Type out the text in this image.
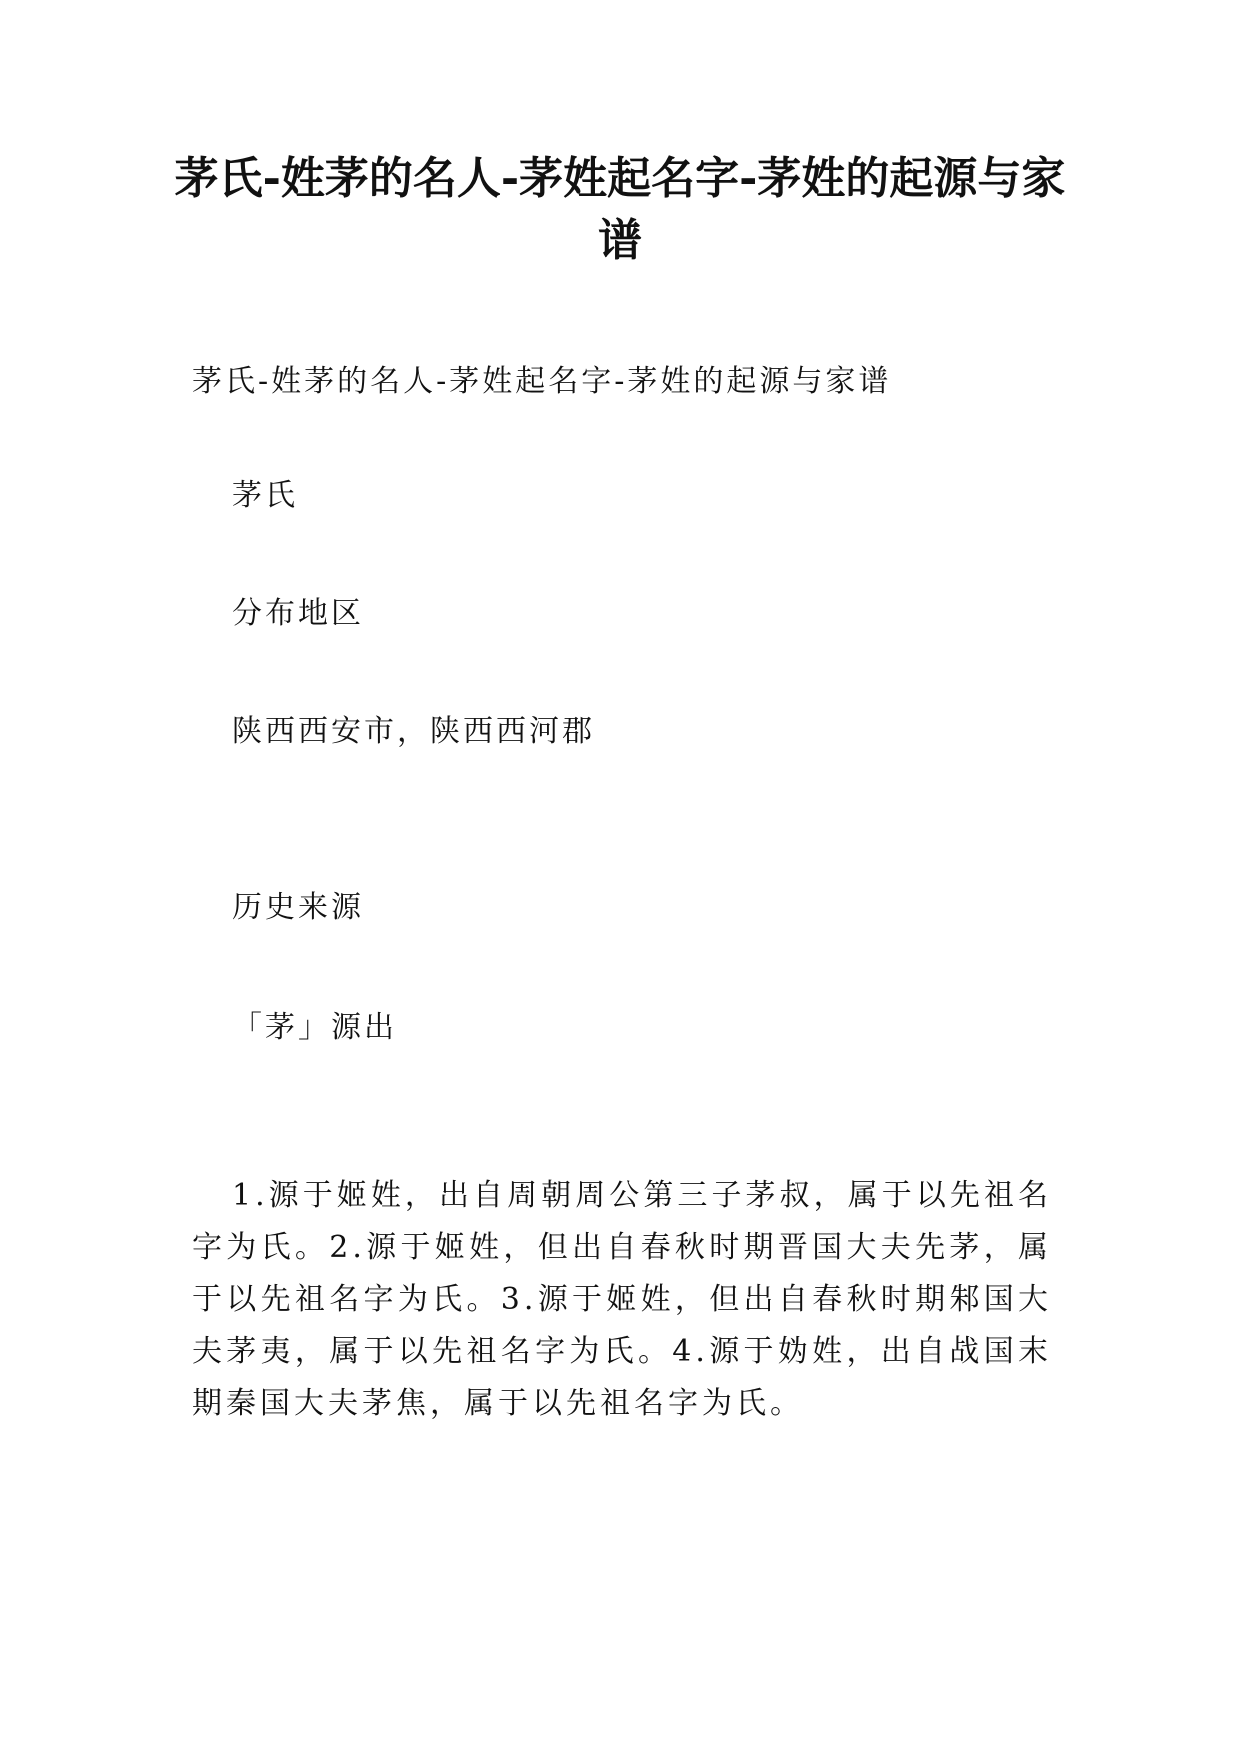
茅氏-姓茅的名人-茅姓起名字-茅姓的起源与家谱
茅氏-姓茅的名人-茅姓起名字-茅姓的起源与家谱
茅氏
分布地区
陕西西安市，陕西西河郡
历史来源
「茅」源出
1.源于姬姓，出自周朝周公第三子茅叔，属于以先祖名字为氏。2.源于姬姓，但出自春秋时期晋国大夫先茅，属于以先祖名字为氏。3.源于姬姓，但出自春秋时期邾国大夫茅夷，属于以先祖名字为氏。4.源于妫姓，出自战国末期秦国大夫茅焦，属于以先祖名字为氏。
